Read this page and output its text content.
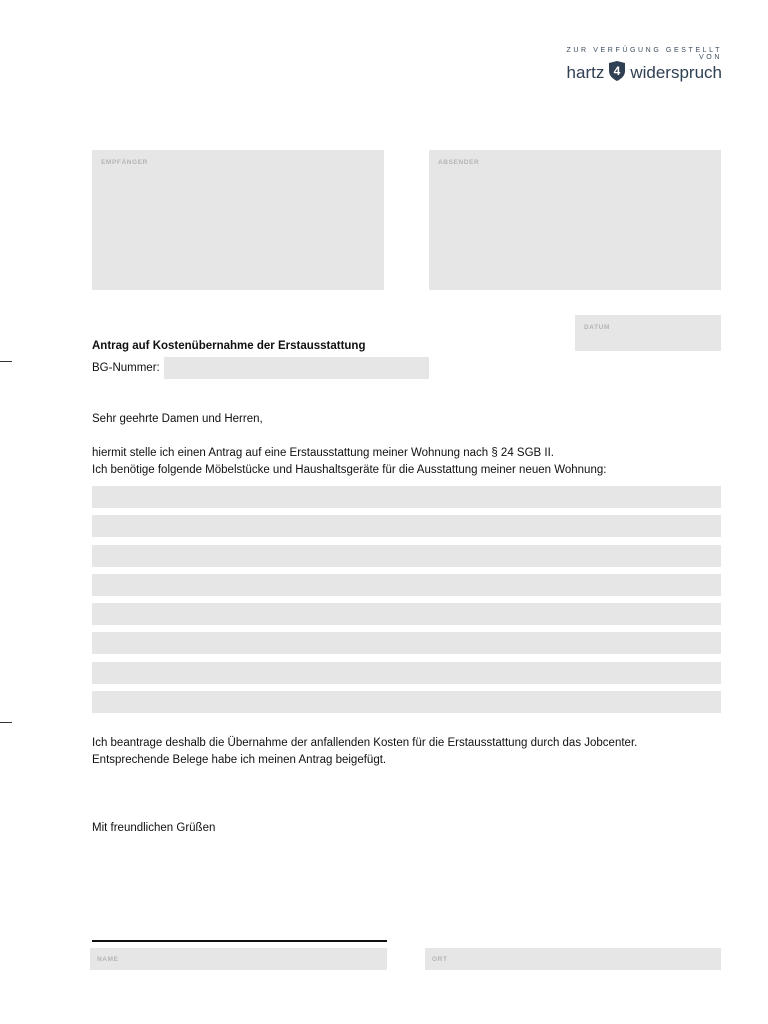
ZUR VERFÜGUNG GESTELLT VON
hartz 4 widerspruch
EMPFÄNGER	ABSENDER
DATUM
Antrag auf Kostenübernahme der Erstausstattung
BG-Nummer:
Sehr geehrte Damen und Herren,
hiermit stelle ich einen Antrag auf eine Erstausstattung meiner Wohnung nach § 24 SGB II.
Ich benötige folgende Möbelstücke und Haushaltsgeräte für die Ausstattung meiner neuen Wohnung:
Ich beantrage deshalb die Übernahme der anfallenden Kosten für die Erstausstattung durch das Jobcenter.
Entsprechende Belege habe ich meinen Antrag beigefügt.
Mit freundlichen Grüßen
NAME	ORT
